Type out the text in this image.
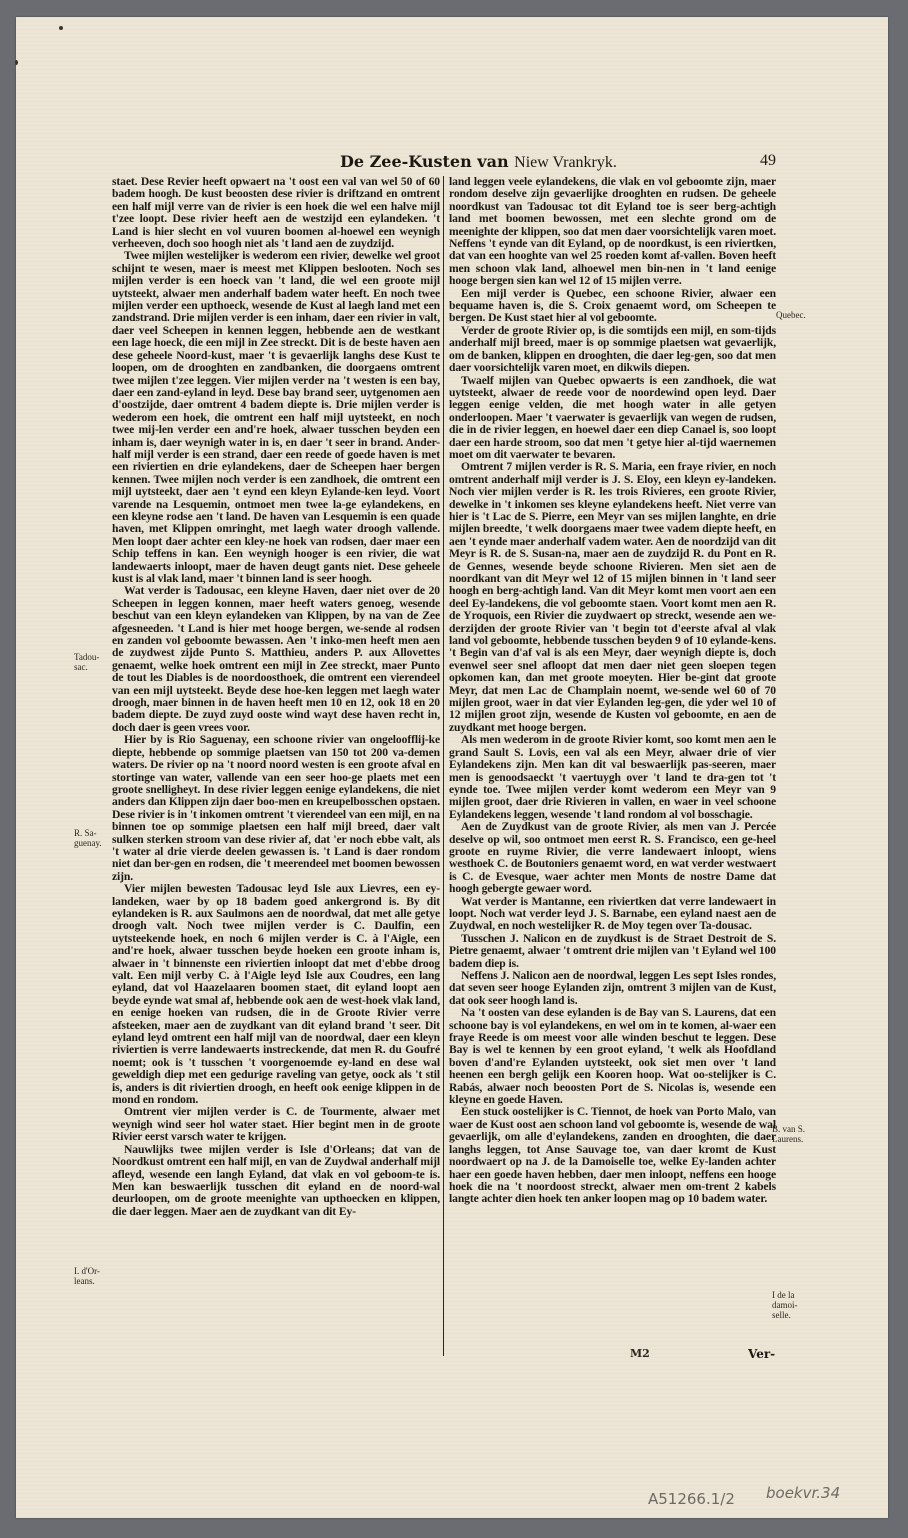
De Zee-Kusten van Niew Vrankryk.	49

staet. Dese Revier heeft opwaert na 't oost een val van wel 50 of 60 badem hoogh. De kust beoosten dese rivier is driftzand en omtrent een half mijl verre van de rivier is een hoek die wel een halve mijl t'zee loopt. Dese rivier heeft aen de westzijd een eylandeken. 't Land is hier slecht en vol vuuren boomen al-hoewel een weynigh verheeven, doch soo hoogh niet als 't land aen de zuydzijd.

Twee mijlen westelijker is wederom een rivier, dewelke wel groot schijnt te wesen, maer is meest met Klippen beslooten. Noch ses mijlen verder is een hoeck van 't land, die wel een groote mijl uytsteekt, alwaer men anderhalf badem water heeft. En noch twee mijlen verder een upthoeck, wesende de Kust al laegh land met een zandstrand. Drie mijlen verder is een inham, daer een rivier in valt, daer veel Scheepen in kennen leggen, hebbende aen de westkant een lage hoeck, die een mijl in Zee streckt. Dit is de beste haven aen dese geheele Noord-kust, maer 't is gevaerlijk langhs dese Kust te loopen, om de drooghten en zandbanken, die doorgaens omtrent twee mijlen t'zee leggen. Vier mijlen verder na 't westen is een bay, daer een zand-eyland in leyd. Dese bay brand seer, uytgenomen aen d'oostzijde, daer omtrent 4 badem diepte is. Drie mijlen verder is wederom een hoek, die omtrent een half mijl uytsteekt, en noch twee mij-len verder een and're hoek, alwaer tusschen beyden een inham is, daer weynigh water in is, en daer 't seer in brand. Ander-half mijl verder is een strand, daer een reede of goede haven is met een riviertien en drie eylandekens, daer de Scheepen haer bergen kennen. Twee mijlen noch verder is een zandhoek, die omtrent een mijl uytsteekt, daer aen 't eynd een kleyn Eylande-ken leyd. Voort varende na Lesquemin, ontmoet men twee la-ge eylandekens, en een kleyne rodse aen 't land. De haven van Lesquemin is een quade haven, met Klippen omringht, met laegh water droogh vallende. Men loopt daer achter een kley-ne hoek van rodsen, daer maer een Schip teffens in kan. Een weynigh hooger is een rivier, die wat landewaerts inloopt, maer de haven deugt gants niet. Dese geheele kust is al vlak land, maer 't binnen land is seer hoogh.

Wat verder is Tadousac, een kleyne Haven, daer niet over de 20 Scheepen in leggen konnen, maer heeft waters genoeg, wesende beschut van een kleyn eylandeken van Klippen, by na van de Zee afgesneeden. 't Land is hier met hooge bergen, we-sende al rodsen en zanden vol geboomte bewassen. Aen 't inko-men heeft men aen de zuydwest zijde Punto S. Matthieu, anders P. aux Allovettes genaemt, welke hoek omtrent een mijl in Zee streckt, maer Punto de tout les Diables is de noordoosthoek, die omtrent een vierendeel van een mijl uytsteekt. Beyde dese hoe-ken leggen met laegh water droogh, maer binnen in de haven heeft men 10 en 12, ook 18 en 20 badem diepte. De zuyd zuyd ooste wind wayt dese haven recht in, doch daer is geen vrees voor.

Hier by is Rio Saguenay, een schoone rivier van ongeloofflij-ke diepte, hebbende op sommige plaetsen van 150 tot 200 va-demen waters. De rivier op na 't noord noord westen is een groote afval en stortinge van water, vallende van een seer hoo-ge plaets met een groote snelligheyt. In dese rivier leggen eenige eylandekens, die niet anders dan Klippen zijn daer boo-men en kreupelbosschen opstaen. Dese rivier is in 't inkomen omtrent 't vierendeel van een mijl, en na binnen toe op sommige plaetsen een half mijl breed, daer valt sulken sterken stroom van dese rivier af, dat 'er noch ebbe valt, als 't water al drie vierde deelen gewassen is. 't Land is daer rondom niet dan ber-gen en rodsen, die 't meerendeel met boomen bewossen zijn.

Vier mijlen bewesten Tadousac leyd Isle aux Lievres, een ey-landeken, waer by op 18 badem goed ankergrond is. By dit eylandeken is R. aux Saulmons aen de noordwal, dat met alle getye droogh valt. Noch twee mijlen verder is C. Daulfin, een uytsteekende hoek, en noch 6 mijlen verder is C. à l'Aigle, een and're hoek, alwaer tusschen beyde hoeken een groote inham is, alwaer in 't binnenste een riviertien inloopt dat met d'ebbe droog valt. Een mijl verby C. à l'Aigle leyd Isle aux Coudres, een lang eyland, dat vol Haazelaaren boomen staet, dit eyland loopt aen beyde eynde wat smal af, hebbende ook aen de west-hoek vlak land, en eenige hoeken van rudsen, die in de Groote Rivier verre afsteeken, maer aen de zuydkant van dit eyland brand 't seer. Dit eyland leyd omtrent een half mijl van de noordwal, daer een kleyn riviertien is verre landewaerts instreckende, dat men R. du Goufré noemt; ook is 't tusschen 't voorgenoemde ey-land en dese wal geweldigh diep met een gedurige raveling van getye, oock als 't stil is, anders is dit riviertien droogh, en heeft ook eenige klippen in de mond en rondom.

Omtrent vier mijlen verder is C. de Tourmente, alwaer met weynigh wind seer hol water staet. Hier begint men in de groote Rivier eerst varsch water te krijgen.

Nauwlijks twee mijlen verder is Isle d'Orleans; dat van de Noordkust omtrent een half mijl, en van de Zuydwal anderhalf mijl afleyd, wesende een langh Eyland, dat vlak en vol geboom-te is. Men kan beswaerlijk tusschen dit eyland en de noord-wal deurloopen, om de groote meenighte van upthoecken en klippen, die daer leggen. Maer aen de zuydkant van dit Ey-

land leggen veele eylandekens, die vlak en vol geboomte zijn, maer rondom deselve zijn gevaerlijke drooghten en rudsen. De geheele noordkust van Tadousac tot dit Eyland toe is seer berg-achtigh land met boomen bewossen, met een slechte grond om de meenighte der klippen, soo dat men daer voorsichtelijk varen moet. Neffens 't eynde van dit Eyland, op de noordkust, is een riviertken, dat van een hooghte van wel 25 roeden komt af-vallen. Boven heeft men schoon vlak land, alhoewel men bin-nen in 't land eenige hooge bergen sien kan wel 12 of 15 mijlen verre.

Een mijl verder is Quebec, een schoone Rivier, alwaer een bequame haven is, die S. Croix genaemt word, om Scheepen te bergen. De Kust staet hier al vol geboomte.

Verder de groote Rivier op, is die somtijds een mijl, en som-tijds anderhalf mijl breed, maer is op sommige plaetsen wat gevaerlijk, om de banken, klippen en drooghten, die daer leg-gen, soo dat men daer voorsichtelijk varen moet, en dikwils diepen.

Twaelf mijlen van Quebec opwaerts is een zandhoek, die wat uytsteekt, alwaer de reede voor de noordewind open leyd. Daer leggen eenige velden, die met hoogh water in alle getyen onderloopen. Maer 't vaerwater is gevaerlijk van wegen de rudsen, die in de rivier leggen, en hoewel daer een diep Canael is, soo loopt daer een harde stroom, soo dat men 't getye hier al-tijd waernemen moet om dit vaerwater te bevaren.

Omtrent 7 mijlen verder is R. S. Maria, een fraye rivier, en noch omtrent anderhalf mijl verder is J. S. Eloy, een kleyn ey-landeken. Noch vier mijlen verder is R. les trois Rivieres, een groote Rivier, dewelke in 't inkomen ses kleyne eylandekens heeft. Niet verre van hier is 't Lac de S. Pierre, een Meyr van ses mijlen langhte, en drie mijlen breedte, 't welk doorgaens maer twee vadem diepte heeft, en aen 't eynde maer anderhalf vadem water. Aen de noordzijd van dit Meyr is R. de S. Susan-na, maer aen de zuydzijd R. du Pont en R. de Gennes, wesende beyde schoone Rivieren. Men siet aen de noordkant van dit Meyr wel 12 of 15 mijlen binnen in 't land seer hoogh en berg-achtigh land. Van dit Meyr komt men voort aen een deel Ey-landekens, die vol geboomte staen. Voort komt men aen R. de Yroquois, een Rivier die zuydwaert op streckt, wesende aen we-derzijden der groote Rivier van 't begin tot d'eerste afval al vlak land vol geboomte, hebbende tusschen beyden 9 of 10 eylande-kens. 't Begin van d'af val is als een Meyr, daer weynigh diepte is, doch evenwel seer snel afloopt dat men daer niet geen sloepen tegen opkomen kan, dan met groote moeyten. Hier be-gint dat groote Meyr, dat men Lac de Champlain noemt, we-sende wel 60 of 70 mijlen groot, waer in dat vier Eylanden leg-gen, die yder wel 10 of 12 mijlen groot zijn, wesende de Kusten vol geboomte, en aen de zuydkant met hooge bergen.

Als men wederom in de groote Rivier komt, soo komt men aen le grand Sault S. Lovis, een val als een Meyr, alwaer drie of vier Eylandekens zijn. Men kan dit val beswaerlijk pas-seeren, maer men is genoodsaeckt 't vaertuygh over 't land te dra-gen tot 't eynde toe. Twee mijlen verder komt wederom een Meyr van 9 mijlen groot, daer drie Rivieren in vallen, en waer in veel schoone Eylandekens leggen, wesende 't land rondom al vol bosschagie.

Aen de Zuydkust van de groote Rivier, als men van J. Percée deselve op wil, soo ontmoet men eerst R. S. Francisco, een ge-heel groote en ruyme Rivier, die verre landewaert inloopt, wiens westhoek C. de Boutoniers genaemt word, en wat verder westwaert is C. de Evesque, waer achter men Monts de nostre Dame dat hoogh gebergte gewaer word.

Wat verder is Mantanne, een riviertken dat verre landewaert in loopt. Noch wat verder leyd J. S. Barnabe, een eyland naest aen de Zuydwal, en noch westelijker R. de Moy tegen over Ta-dousac.

Tusschen J. Nalicon en de zuydkust is de Straet Destroit de S. Pietre genaemt, alwaer 't omtrent drie mijlen van 't Eyland wel 100 badem diep is.

Neffens J. Nalicon aen de noordwal, leggen Les sept Isles rondes, dat seven seer hooge Eylanden zijn, omtrent 3 mijlen van de Kust, dat ook seer hoogh land is.

Na 't oosten van dese eylanden is de Bay van S. Laurens, dat een schoone bay is vol eylandekens, en wel om in te komen, al-waer een fraye Reede is om meest voor alle winden beschut te leggen. Dese Bay is wel te kennen by een groot eyland, 't welk als Hoofdland boven d'and're Eylanden uytsteekt, ook siet men over 't land heenen een bergh gelijk een Kooren hoop. Wat oo-stelijker is C. Rabás, alwaer noch beoosten Port de S. Nicolas is, wesende een kleyne en goede Haven.

Een stuck oostelijker is C. Tiennot, de hoek van Porto Malo, van waer de Kust oost aen schoon land vol geboomte is, wesende de wal gevaerlijk, om alle d'eylandekens, zanden en drooghten, die daer langhs leggen, tot Anse Sauvage toe, van daer kromt de Kust noordwaert op na J. de la Damoiselle toe, welke Ey-landen achter haer een goede haven hebben, daer men inloopt, neffens een hooge hoek die na 't noordoost streckt, alwaer men om-trent 2 kabels langte achter dien hoek ten anker loopen mag op 10 badem water.

Tadou-sac.
R. Sa-guenay.
I. d'Or-leans.
Quebec.
B. van S. Laurens.
I de la damoi-selle.
M2	Ver-
A51266.1/2 boekvr.34
